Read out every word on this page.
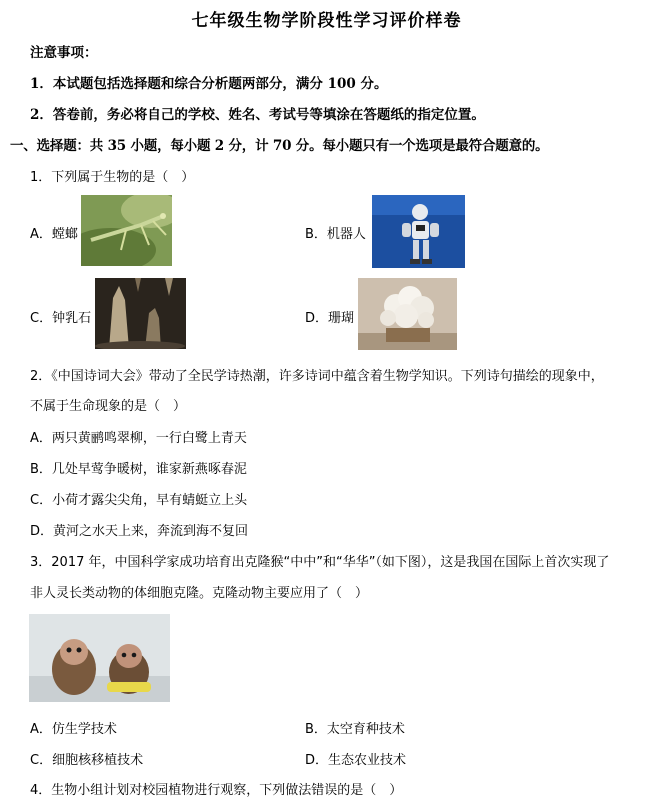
七年级生物学阶段性学习评价样卷
注意事项：
1．本试题包括选择题和综合分析题两部分，满分 100 分。
2．答卷前，务必将自己的学校、姓名、考试号等填涂在答题纸的指定位置。
一、选择题：共 35 小题，每小题 2 分，计 70 分。每小题只有一个选项是最符合题意的。
1．下列属于生物的是（　）
A．螳螂	B．机器人
C．钟乳石	D．珊瑚
2．《中国诗词大会》带动了全民学诗热潮，许多诗词中蕴含着生物学知识。下列诗句描绘的现象中，
不属于生命现象的是（　）
A．两只黄鹂鸣翠柳，一行白鹭上青天
B．几处早莺争暖树，谁家新燕啄春泥
C．小荷才露尖尖角，早有蜻蜓立上头
D．黄河之水天上来，奔流到海不复回
3．2017 年，中国科学家成功培育出克隆猴“中中”和“华华”（如下图），这是我国在国际上首次实现了
非人灵长类动物的体细胞克隆。克隆动物主要应用了（　）
A．仿生学技术	B．太空育种技术
C．细胞核移植技术	D．生态农业技术
4．生物小组计划对校园植物进行观察，下列做法错误的是（　）
